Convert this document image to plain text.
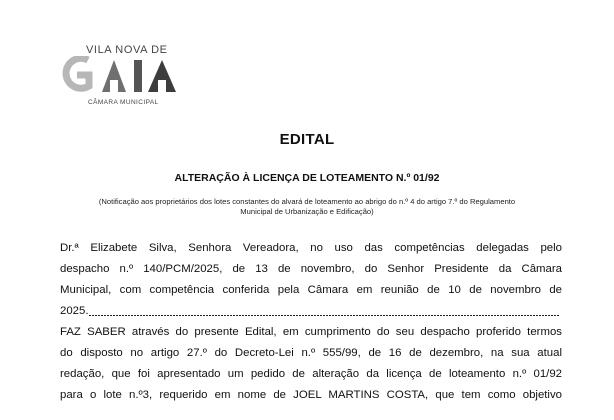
VILA NOVA DE
CÂMARA MUNICIPAL
EDITAL
ALTERAÇÃO À LICENÇA DE LOTEAMENTO N.º 01/92
(Notificação aos proprietários dos lotes constantes do alvará de loteamento ao abrigo do n.º 4 do artigo 7.º do Regulamento
Municipal de Urbanização e Edificação)
Dr.ª Elizabete Silva, Senhora Vereadora, no uso das competências delegadas pelo
despacho n.º 140/PCM/2025, de 13 de novembro, do Senhor Presidente da Câmara
Municipal, com competência conferida pela Câmara em reunião de 10 de novembro de
2025.
FAZ SABER através do presente Edital, em cumprimento do seu despacho proferido termos
do disposto no artigo 27.º do Decreto-Lei n.º 555/99, de 16 de dezembro, na sua atual
redação, que foi apresentado um pedido de alteração da licença de loteamento n.º 01/92
para o lote n.º3, requerido em nome de JOEL MARTINS COSTA, que tem como objetivo
